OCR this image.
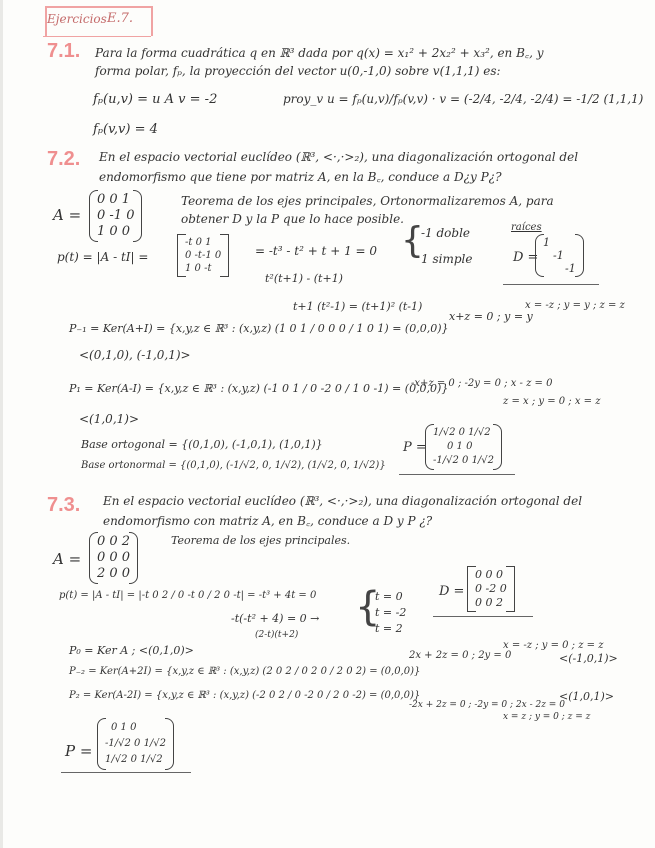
Ejercicios E.7.
7.1. Para la forma cuadrática q en ℝ³ dada por q(x) = x₁² + 2x₂² + x₃², en B꜀, y
forma polar, fₚ, la proyección del vector u(0,-1,0) sobre v(1,1,1) es:
fₚ(u,v) = u A v = -2	proy_v u = fₚ(u,v)/fₚ(v,v) · v = (-2/4, -2/4, -2/4) = -1/2 (1,1,1)
fₚ(v,v) = 4
7.2. En el espacio vectorial euclídeo (ℝ³, <·,·>₂), una diagonalización ortogonal del
endomorfismo que tiene por matriz A, en la B꜀, conduce a D¿y P¿?
A =
0 0 1
0 -1 0
1 0 0
Teorema de los ejes principales, Ortonormalizaremos A, para
obtener D y la P que lo hace posible.
p(t) = |A - tI| =
-t 0 1
0 -t-1 0
1 0 -t
= -t³ - t² + t + 1 = 0
t²(t+1) - (t+1)
t+1 (t²-1) = (t+1)² (t-1)
{
-1 doble
1 simple
raíces
D =
1
-1
-1
P₋₁ = Ker(A+I) = {x,y,z ∈ ℝ³ : (x,y,z) (1 0 1 / 0 0 0 / 1 0 1) = (0,0,0)}
x+z = 0 ; y = y
x = -z ; y = y ; z = z
<(0,1,0), (-1,0,1)>
P₁ = Ker(A-I) = {x,y,z ∈ ℝ³ : (x,y,z) (-1 0 1 / 0 -2 0 / 1 0 -1) = (0,0,0)}
-x+z = 0 ; -2y = 0 ; x - z = 0
z = x ; y = 0 ; x = z
<(1,0,1)>
Base ortogonal = {(0,1,0), (-1,0,1), (1,0,1)}
Base ortonormal = {(0,1,0), (-1/√2, 0, 1/√2), (1/√2, 0, 1/√2)}
P =
1/√2 0 1/√2
0 1 0
-1/√2 0 1/√2
7.3. En el espacio vectorial euclídeo (ℝ³, <·,·>₂), una diagonalización ortogonal del
endomorfismo con matriz A, en B꜀, conduce a D y P ¿?
A =
0 0 2
0 0 0
2 0 0
Teorema de los ejes principales.
p(t) = |A - tI| = |-t 0 2 / 0 -t 0 / 2 0 -t| = -t³ + 4t = 0
-t(-t² + 4) = 0 →
(2-t)(t+2)
{
t = 0
t = -2
t = 2
D =
0 0 0
0 -2 0
0 0 2
P₀ = Ker A ; <(0,1,0)>
P₋₂ = Ker(A+2I) = {x,y,z ∈ ℝ³ : (x,y,z) (2 0 2 / 0 2 0 / 2 0 2) = (0,0,0)}
2x + 2z = 0 ; 2y = 0
x = -z ; y = 0 ; z = z
<(-1,0,1)>
P₂ = Ker(A-2I) = {x,y,z ∈ ℝ³ : (x,y,z) (-2 0 2 / 0 -2 0 / 2 0 -2) = (0,0,0)}
-2x + 2z = 0 ; -2y = 0 ; 2x - 2z = 0
x = z ; y = 0 ; z = z
<(1,0,1)>
P =
0 1 0
-1/√2 0 1/√2
1/√2 0 1/√2
